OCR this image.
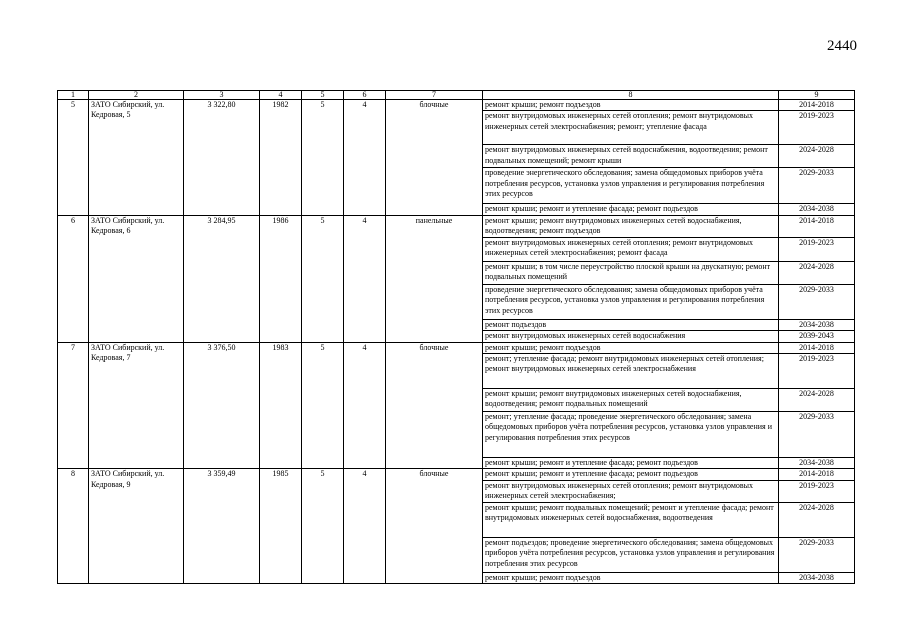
2440
1	2	3	4	5	6	7	8	9
5	ЗАТО Сибирский, ул. Кедровая, 5	3 322,80	1982	5	4	блочные	ремонт крыши; ремонт подъездов	2014-2018
							ремонт внутридомовых инженерных сетей отопления; ремонт внутридомовых инженерных сетей электроснабжения; ремонт; утепление фасада	2019-2023
							ремонт внутридомовых инженерных сетей водоснабжения, водоотведения; ремонт подвальных помещений; ремонт крыши	2024-2028
							проведение энергетического обследования; замена общедомовых приборов учёта потребления ресурсов, установка узлов управления и регулирования потребления этих ресурсов	2029-2033
							ремонт крыши; ремонт и утепление фасада; ремонт подъездов	2034-2038
6	ЗАТО Сибирский, ул. Кедровая, 6	3 284,95	1986	5	4	панельные	ремонт крыши; ремонт внутридомовых инженерных сетей водоснабжения, водоотведения; ремонт подъездов	2014-2018
							ремонт внутридомовых инженерных сетей отопления; ремонт внутридомовых инженерных сетей электроснабжения; ремонт фасада	2019-2023
							ремонт крыши; в том числе переустройство плоской крыши на двускатную; ремонт подвальных помещений	2024-2028
							проведение энергетического обследования; замена общедомовых приборов учёта потребления ресурсов, установка узлов управления и регулирования потребления этих ресурсов	2029-2033
							ремонт подъездов	2034-2038
							ремонт внутридомовых инженерных сетей водоснабжения	2039-2043
7	ЗАТО Сибирский, ул. Кедровая, 7	3 376,50	1983	5	4	блочные	ремонт крыши; ремонт подъездов	2014-2018
							ремонт; утепление фасада; ремонт внутридомовых инженерных сетей отопления; ремонт внутридомовых инженерных сетей электроснабжения	2019-2023
							ремонт крыши; ремонт внутридомовых инженерных сетей водоснабжения, водоотведения; ремонт подвальных помещений	2024-2028
							ремонт; утепление фасада; проведение энергетического обследования; замена общедомовых приборов учёта потребления ресурсов, установка узлов управления и регулирования потребления этих ресурсов	2029-2033
							ремонт крыши; ремонт и утепление фасада; ремонт подъездов	2034-2038
8	ЗАТО Сибирский, ул. Кедровая, 9	3 359,49	1985	5	4	блочные	ремонт крыши; ремонт и утепление фасада; ремонт подъездов	2014-2018
							ремонт внутридомовых инженерных сетей отопления; ремонт внутридомовых инженерных сетей электроснабжения;	2019-2023
							ремонт крыши; ремонт подвальных помещений; ремонт и утепление фасада; ремонт внутридомовых инженерных сетей водоснабжения, водоотведения	2024-2028
							ремонт подъездов; проведение энергетического обследования; замена общедомовых приборов учёта потребления ресурсов, установка узлов управления и регулирования потребления этих ресурсов	2029-2033
							ремонт крыши; ремонт подъездов	2034-2038
